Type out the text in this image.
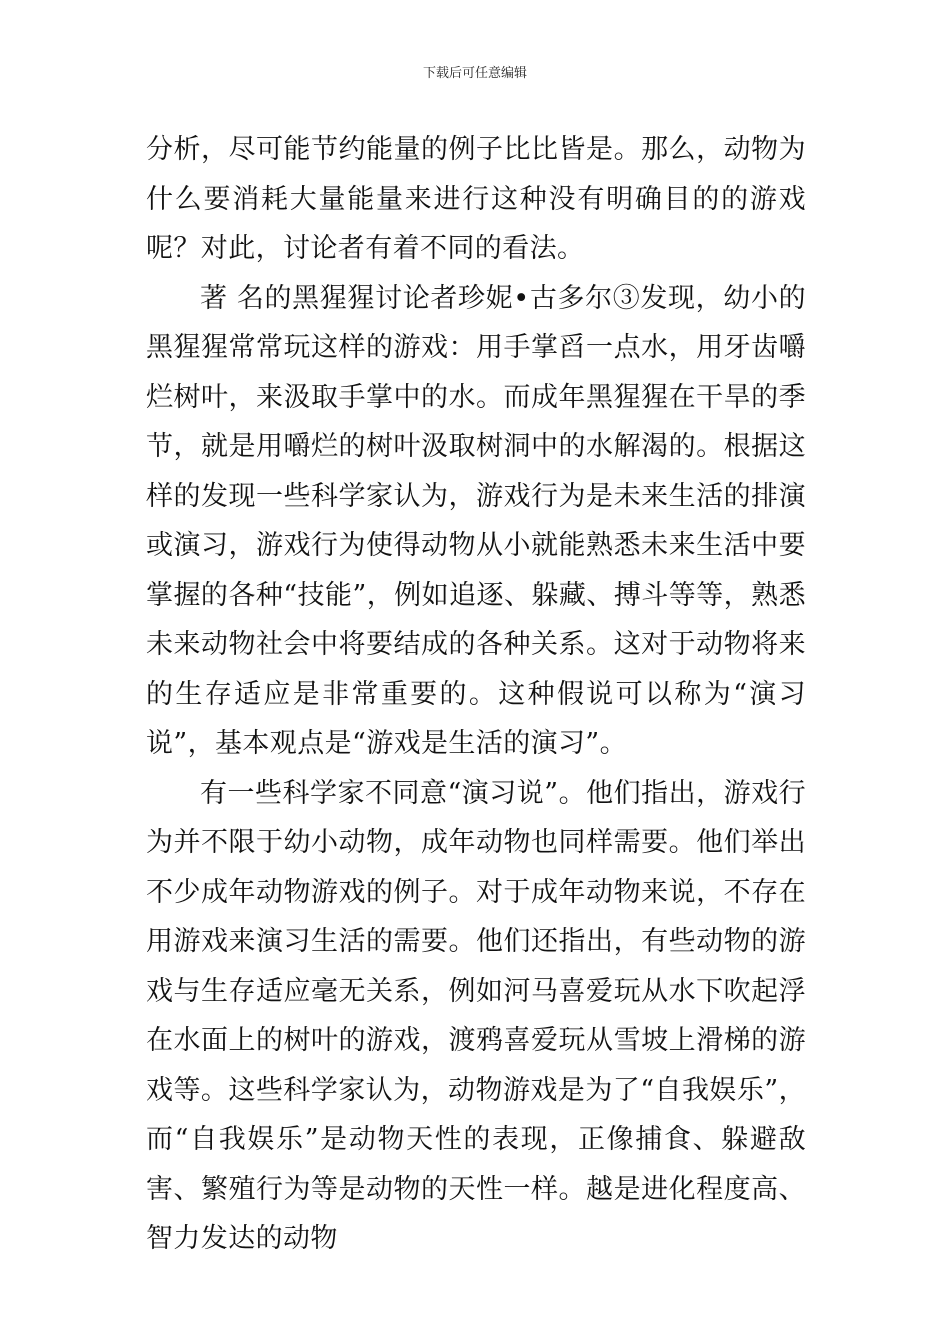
下载后可任意编辑

分析，尽可能节约能量的例子比比皆是。那么，动物为什么要消耗大量能量来进行这种没有明确目的的游戏呢？对此，讨论者有着不同的看法。

著 名的黑猩猩讨论者珍妮•古多尔③发现，幼小的黑猩猩常常玩这样的游戏：用手掌舀一点水，用牙齿嚼烂树叶，来汲取手掌中的水。而成年黑猩猩在干旱的季节，就是用嚼烂的树叶汲取树洞中的水解渴的。根据这样的发现一些科学家认为，游戏行为是未来生活的排演或演习，游戏行为使得动物从小就能熟悉未来生活中要掌握的各种“技能”，例如追逐、躲藏、搏斗等等，熟悉未来动物社会中将要结成的各种关系。这对于动物将来的生存适应是非常重要的。这种假说可以称为“演习说”，基本观点是“游戏是生活的演习”。

有一些科学家不同意“演习说”。他们指出，游戏行为并不限于幼小动物，成年动物也同样需要。他们举出不少成年动物游戏的例子。对于成年动物来说，不存在用游戏来演习生活的需要。他们还指出，有些动物的游戏与生存适应毫无关系，例如河马喜爱玩从水下吹起浮在水面上的树叶的游戏，渡鸦喜爱玩从雪坡上滑梯的游戏等。这些科学家认为，动物游戏是为了“自我娱乐”，而“自我娱乐”是动物天性的表现，正像捕食、躲避敌害、繁殖行为等是动物的天性一样。越是进化程度高、智力发达的动物
